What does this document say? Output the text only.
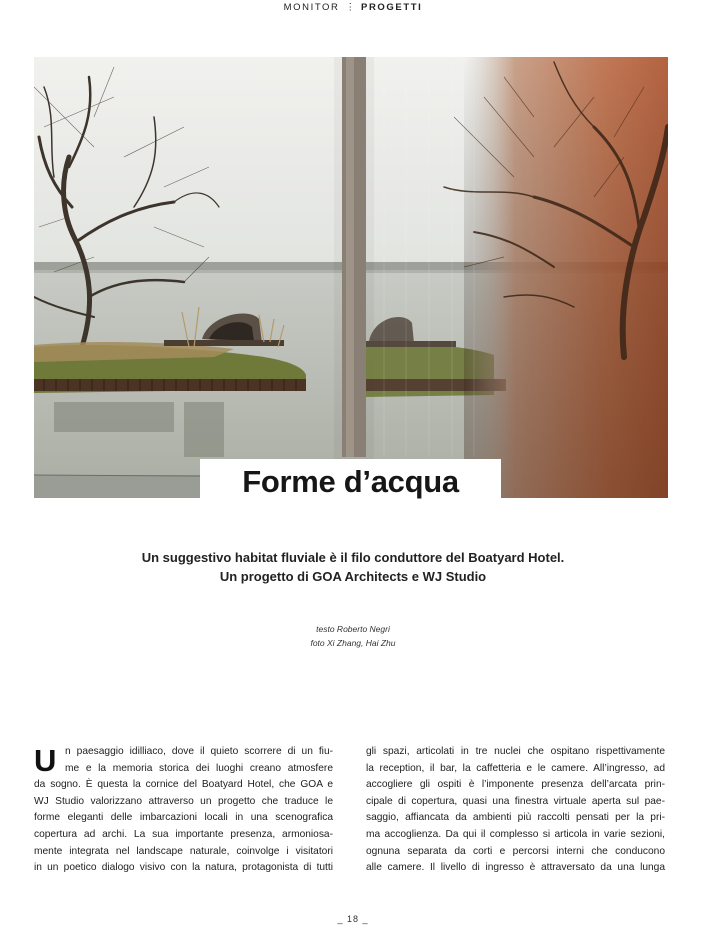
MONITOR ⋮ PROGETTI
Forme d’acqua
Un suggestivo habitat fluviale è il filo conduttore del Boatyard Hotel.
Un progetto di GOA Architects e WJ Studio
testo Roberto Negri
foto Xi Zhang, Hai Zhu
U n paesaggio idilliaco, dove il quieto scorrere di un fiu-
me e la memoria storica dei luoghi creano atmosfere
da sogno. È questa la cornice del Boatyard Hotel, che GOA e
WJ Studio valorizzano attraverso un progetto che traduce le
forme eleganti delle imbarcazioni locali in una scenografica
copertura ad archi. La sua importante presenza, armoniosa-
mente integrata nel landscape naturale, coinvolge i visitatori
in un poetico dialogo visivo con la natura, protagonista di tutti
gli spazi, articolati in tre nuclei che ospitano rispettivamente
la reception, il bar, la caffetteria e le camere. All’ingresso, ad
accogliere gli ospiti è l’imponente presenza dell’arcata prin-
cipale di copertura, quasi una finestra virtuale aperta sul pae-
saggio, affiancata da ambienti più raccolti pensati per la pri-
ma accoglienza. Da qui il complesso si articola in varie sezioni,
ognuna separata da corti e percorsi interni che conducono
alle camere. Il livello di ingresso è attraversato da una lunga
_ 18 _
